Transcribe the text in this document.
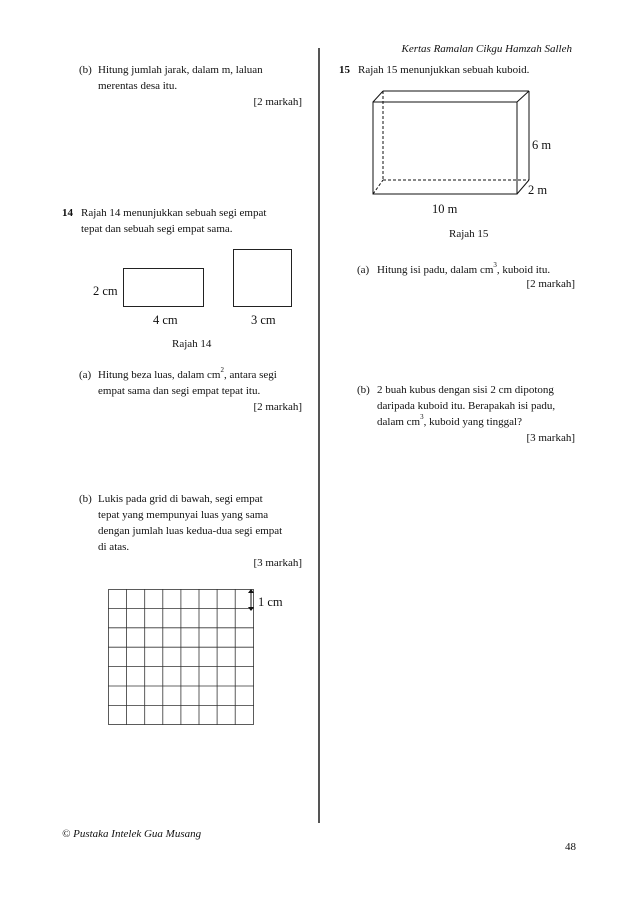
Kertas Ramalan Cikgu Hamzah Salleh
(b) Hitung jumlah jarak, dalam m, laluan
merentas desa itu.
[2 markah]
14 Rajah 14 menunjukkan sebuah segi empat
tepat dan sebuah segi empat sama.
2 cm
4 cm	3 cm
Rajah 14
(a) Hitung beza luas, dalam $cm^2$, antara segi
empat sama dan segi empat tepat itu.
[2 markah]
(b) Lukis pada grid di bawah, segi empat
tepat yang mempunyai luas yang sama
dengan jumlah luas kedua-dua segi empat
di atas.
[3 markah]
1 cm
15 Rajah 15 menunjukkan sebuah kuboid.
6 m
2 m
10 m
Rajah 15
(a) Hitung isi padu, dalam $cm^3$, kuboid itu.
[2 markah]
(b) 2 buah kubus dengan sisi 2 cm dipotong
daripada kuboid itu. Berapakah isi padu,
dalam $cm^3$, kuboid yang tinggal?
[3 markah]
© Pustaka Intelek Gua Musang
48
